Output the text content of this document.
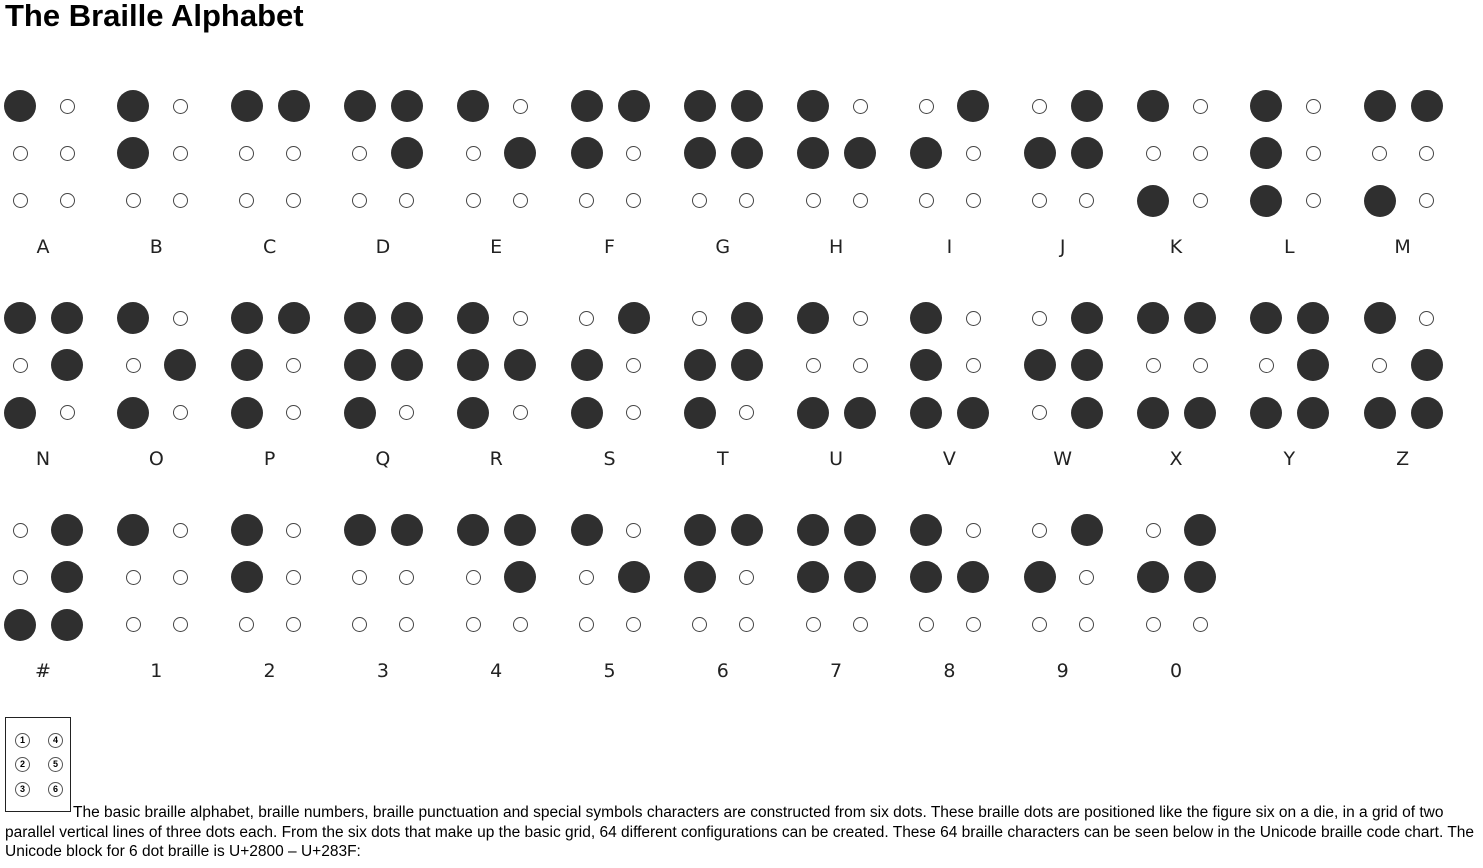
The Braille Alphabet
A	B	C	D	E	F	G	H	I	J	K	L	M
N	O	P	Q	R	S	T	U	V	W	X	Y	Z
#	1	2	3	4	5	6	7	8	9	0
1
2
3
4
5
6

The basic braille alphabet, braille numbers, braille punctuation and special symbols characters are constructed from six dots. These braille dots are positioned like the figure six on a die, in a grid of two parallel vertical lines of three dots each. From the six dots that make up the basic grid, 64 different configurations can be created. These 64 braille characters can be seen below in the Unicode braille code chart. The Unicode block for 6 dot braille is U+2800 – U+283F:
